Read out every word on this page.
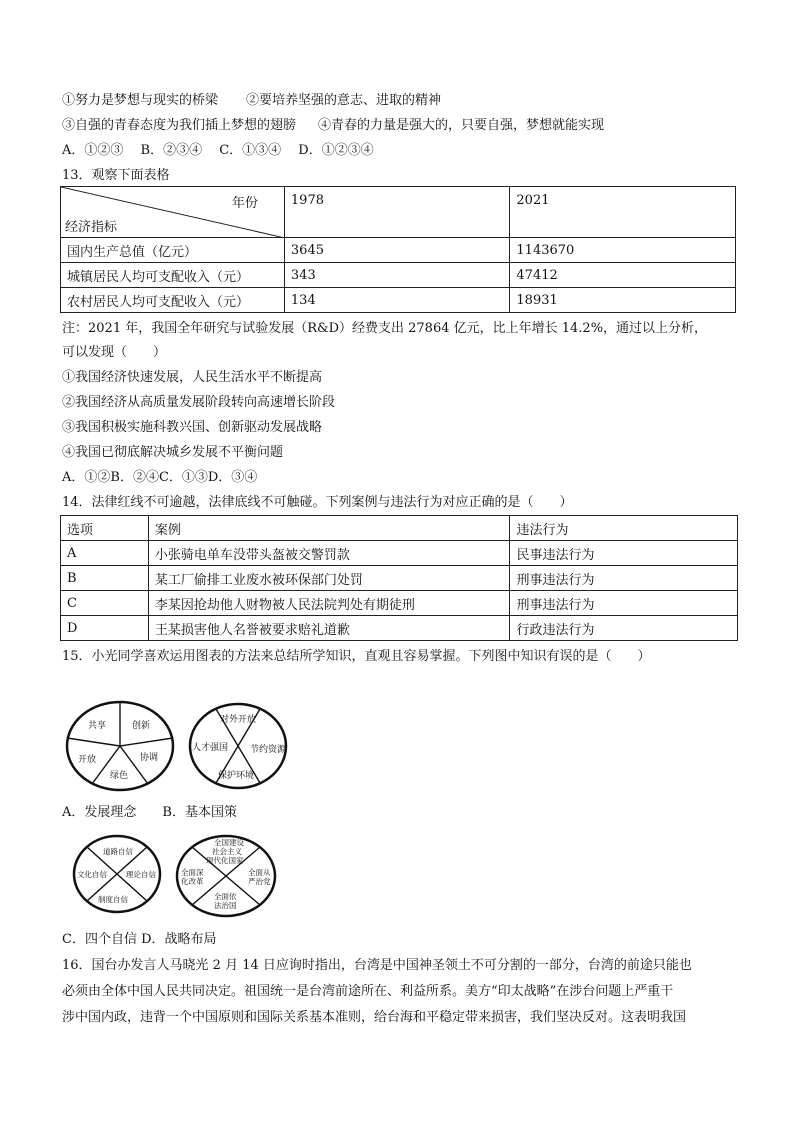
①努力是梦想与现实的桥梁 ②要培养坚强的意志、进取的精神
③自强的青春态度为我们插上梦想的翅膀 ④青春的力量是强大的，只要自强，梦想就能实现
A．①②③　 B．②③④　 C．①③④　 D．①②③④
13．观察下面表格
年份
经济指标	1978	2021
国内生产总值（亿元）	3645	1143670
城镇居民人均可支配收入（元）	343	47412
农村居民人均可支配收入（元）	134	18931
注：2021 年，我国全年研究与试验发展（R&D）经费支出 27864 亿元，比上年增长 14.2%，通过以上分析，
可以发现（　　）
①我国经济快速发展，人民生活水平不断提高
②我国经济从高质量发展阶段转向高速增长阶段
③我国积极实施科教兴国、创新驱动发展战略
④我国已彻底解决城乡发展不平衡问题
A．①②B．②④C．①③D．③④
14．法律红线不可逾越，法律底线不可触碰。下列案例与违法行为对应正确的是（　　）
选项	案例	违法行为
A	小张骑电单车没带头盔被交警罚款	民事违法行为
B	某工厂偷排工业废水被环保部门处罚	刑事违法行为
C	李某因抢劫他人财物被人民法院判处有期徒刑	刑事违法行为
D	王某损害他人名誉被要求赔礼道歉	行政违法行为
15．小光同学喜欢运用图表的方法来总结所学知识，直观且容易掌握。下列图中知识有误的是（　　）
共享	创新
协调
绿色
开放
对外开放
节约资源
保护环境
人才强国
A．发展理念　　B．基本国策
道路自信
理论自信
制度自信
文化自信
全国建设
社会主义
现代化国家
全面从
严治党
全面依
法治国
全面深
化改革
C．四个自信 D．战略布局
16．国台办发言人马晓光 2 月 14 日应询时指出，台湾是中国神圣领土不可分割的一部分，台湾的前途只能也
必须由全体中国人民共同决定。祖国统一是台湾前途所在、利益所系。美方“印太战略”在涉台问题上严重干
涉中国内政，违背一个中国原则和国际关系基本准则，给台海和平稳定带来损害，我们坚决反对。这表明我国
